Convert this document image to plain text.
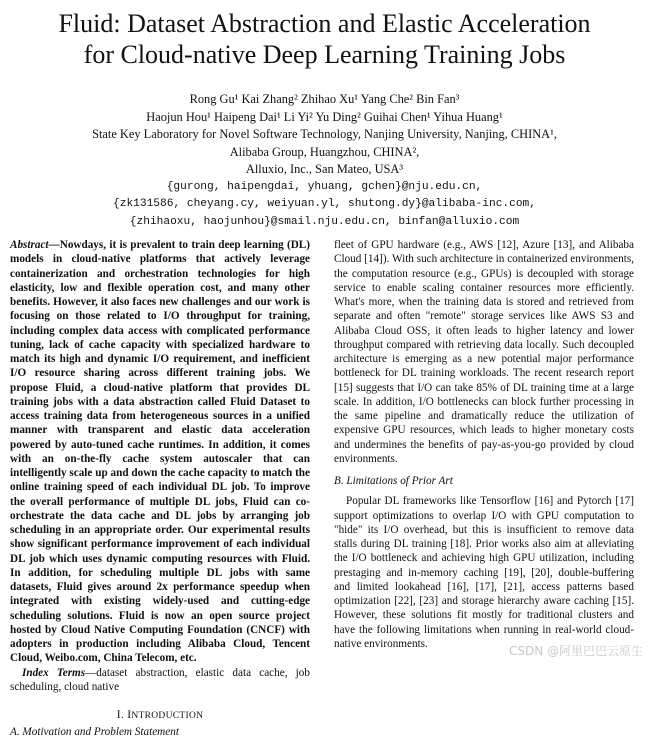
Fluid: Dataset Abstraction and Elastic Acceleration
for Cloud-native Deep Learning Training Jobs
Rong Gu¹ Kai Zhang² Zhihao Xu¹ Yang Che² Bin Fan³
Haojun Hou¹ Haipeng Dai¹ Li Yi² Yu Ding² Guihai Chen¹ Yihua Huang¹
State Key Laboratory for Novel Software Technology, Nanjing University, Nanjing, CHINA¹,
Alibaba Group, Huangzhou, CHINA²,
Alluxio, Inc., San Mateo, USA³
{gurong, haipengdai, yhuang, gchen}@nju.edu.cn,
{zk131586, cheyang.cy, weiyuan.yl, shutong.dy}@alibaba-inc.com,
{zhihaoxu, haojunhou}@smail.nju.edu.cn, binfan@alluxio.com

Abstract—Nowdays, it is prevalent to train deep learning (DL) models in cloud-native platforms that actively leverage containerization and orchestration technologies for high elasticity, low and flexible operation cost, and many other benefits. However, it also faces new challenges and our work is focusing on those related to I/O throughput for training, including complex data access with complicated performance tuning, lack of cache capacity with specialized hardware to match its high and dynamic I/O requirement, and inefficient I/O resource sharing across different training jobs. We propose Fluid, a cloud-native platform that provides DL training jobs with a data abstraction called Fluid Dataset to access training data from heterogeneous sources in a unified manner with transparent and elastic data acceleration powered by auto-tuned cache runtimes. In addition, it comes with an on-the-fly cache system autoscaler that can intelligently scale up and down the cache capacity to match the online training speed of each individual DL job. To improve the overall performance of multiple DL jobs, Fluid can co-orchestrate the data cache and DL jobs by arranging job scheduling in an appropriate order. Our experimental results show significant performance improvement of each individual DL job which uses dynamic computing resources with Fluid. In addition, for scheduling multiple DL jobs with same datasets, Fluid gives around 2x performance speedup when integrated with existing widely-used and cutting-edge scheduling solutions. Fluid is now an open source project hosted by Cloud Native Computing Foundation (CNCF) with adopters in production including Alibaba Cloud, Tencent Cloud, Weibo.com, China Telecom, etc.

Index Terms—dataset abstraction, elastic data cache, job scheduling, cloud native

I. INTRODUCTION
A. Motivation and Problem Statement

fleet of GPU hardware (e.g., AWS [12], Azure [13], and Alibaba Cloud [14]). With such architecture in containerized environments, the computation resource (e.g., GPUs) is decoupled with storage service to enable scaling container resources more efficiently. What's more, when the training data is stored and retrieved from separate and often "remote" storage services like AWS S3 and Alibaba Cloud OSS, it often leads to higher latency and lower throughput compared with retrieving data locally. Such decoupled architecture is emerging as a new potential major performance bottleneck for DL training workloads. The recent research report [15] suggests that I/O can take 85% of DL training time at a large scale. In addition, I/O bottlenecks can block further processing in the same pipeline and dramatically reduce the utilization of expensive GPU resources, which leads to higher monetary costs and undermines the benefits of pay-as-you-go provided by cloud environments.

B. Limitations of Prior Art

Popular DL frameworks like Tensorflow [16] and Pytorch [17] support optimizations to overlap I/O with GPU computation to "hide" its I/O overhead, but this is insufficient to remove data stalls during DL training [18]. Prior works also aim at alleviating the I/O bottleneck and achieving high GPU utilization, including prestaging and in-memory caching [19], [20], double-buffering and limited lookahead [16], [17], [21], access patterns based optimization [22], [23] and storage hierarchy aware caching [15]. However, these solutions fit mostly for traditional clusters and have the following limitations when running in real-world cloud-native environments.

CSDN @阿里巴巴云原生
